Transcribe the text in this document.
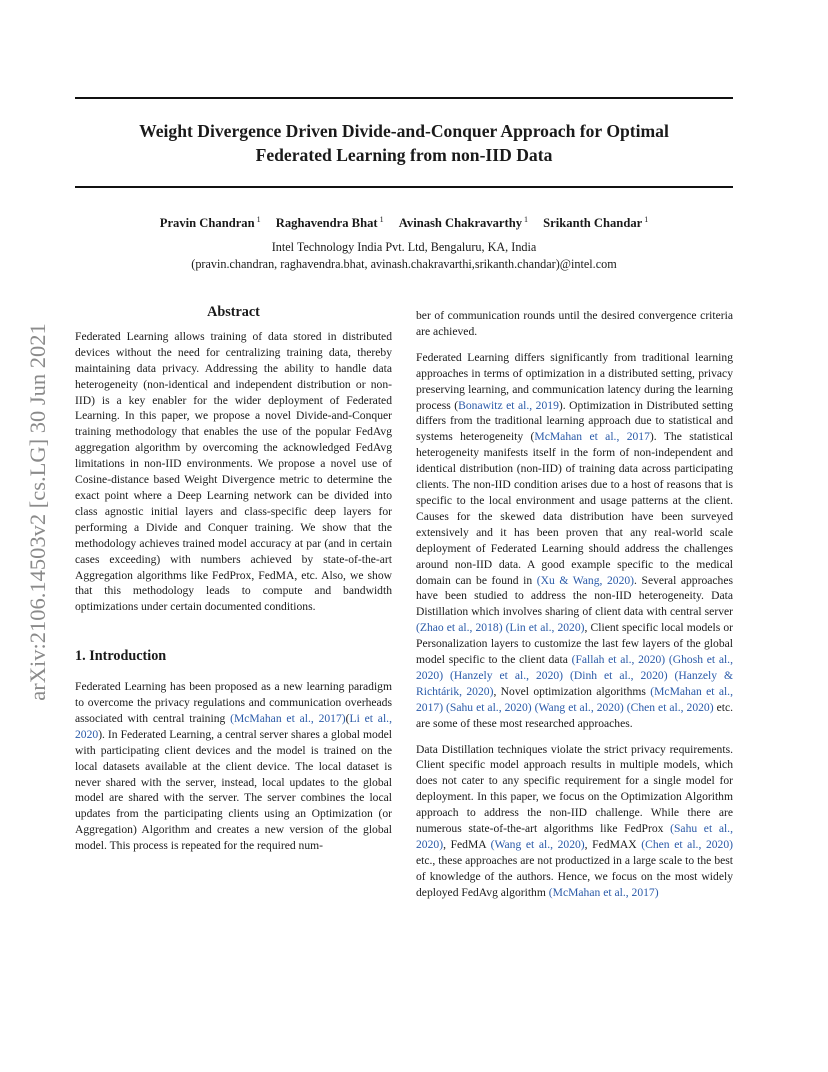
Weight Divergence Driven Divide-and-Conquer Approach for Optimal
Federated Learning from non-IID Data
Pravin Chandran $^1$ Raghavendra Bhat $^1$ Avinash Chakravarthy $^1$ Srikanth Chandar $^1$
Intel Technology India Pvt. Ltd, Bengaluru, KA, India
(pravin.chandran, raghavendra.bhat, avinash.chakravarthi,srikanth.chandar)@intel.com
arXiv:2106.14503v2 [cs.LG] 30 Jun 2021
Abstract

Federated Learning allows training of data stored in distributed devices without the need for centralizing training data, thereby maintaining data privacy. Addressing the ability to handle data heterogeneity (non-identical and independent distribution or non-IID) is a key enabler for the wider deployment of Federated Learning. In this paper, we propose a novel Divide-and-Conquer training methodology that enables the use of the popular FedAvg aggregation algorithm by overcoming the acknowledged FedAvg limitations in non-IID environments. We propose a novel use of Cosine-distance based Weight Divergence metric to determine the exact point where a Deep Learning network can be divided into class agnostic initial layers and class-specific deep layers for performing a Divide and Conquer training. We show that the methodology achieves trained model accuracy at par (and in certain cases exceeding) with numbers achieved by state-of-the-art Aggregation algorithms like FedProx, FedMA, etc. Also, we show that this methodology leads to compute and bandwidth optimizations under certain documented conditions.

1. Introduction

Federated Learning has been proposed as a new learning paradigm to overcome the privacy regulations and communication overheads associated with central training (McMahan et al., 2017)(Li et al., 2020). In Federated Learning, a central server shares a global model with participating client devices and the model is trained on the local datasets available at the client device. The local dataset is never shared with the server, instead, local updates to the global model are shared with the server. The server combines the local updates from the participating clients using an Optimization (or Aggregation) Algorithm and creates a new version of the global model. This process is repeated for the required num-

ber of communication rounds until the desired convergence criteria are achieved.

Federated Learning differs significantly from traditional learning approaches in terms of optimization in a distributed setting, privacy preserving learning, and communication latency during the learning process (Bonawitz et al., 2019). Optimization in Distributed setting differs from the traditional learning approach due to statistical and systems heterogeneity (McMahan et al., 2017). The statistical heterogeneity manifests itself in the form of non-independent and identical distribution (non-IID) of training data across participating clients. The non-IID condition arises due to a host of reasons that is specific to the local environment and usage patterns at the client. Causes for the skewed data distribution have been surveyed extensively and it has been proven that any real-world scale deployment of Federated Learning should address the challenges around non-IID data. A good example specific to the medical domain can be found in (Xu & Wang, 2020). Several approaches have been studied to address the non-IID heterogeneity. Data Distillation which involves sharing of client data with central server (Zhao et al., 2018) (Lin et al., 2020), Client specific local models or Personalization layers to customize the last few layers of the global model specific to the client data (Fallah et al., 2020) (Ghosh et al., 2020) (Hanzely et al., 2020) (Dinh et al., 2020) (Hanzely & Richtárik, 2020), Novel optimization algorithms (McMahan et al., 2017) (Sahu et al., 2020) (Wang et al., 2020) (Chen et al., 2020) etc. are some of these most researched approaches.

Data Distillation techniques violate the strict privacy requirements. Client specific model approach results in multiple models, which does not cater to any specific requirement for a single model for deployment. In this paper, we focus on the Optimization Algorithm approach to address the non-IID challenge. While there are numerous state-of-the-art algorithms like FedProx (Sahu et al., 2020), FedMA (Wang et al., 2020), FedMAX (Chen et al., 2020) etc., these approaches are not productized in a large scale to the best of knowledge of the authors. Hence, we focus on the most widely deployed FedAvg algorithm (McMahan et al., 2017)
